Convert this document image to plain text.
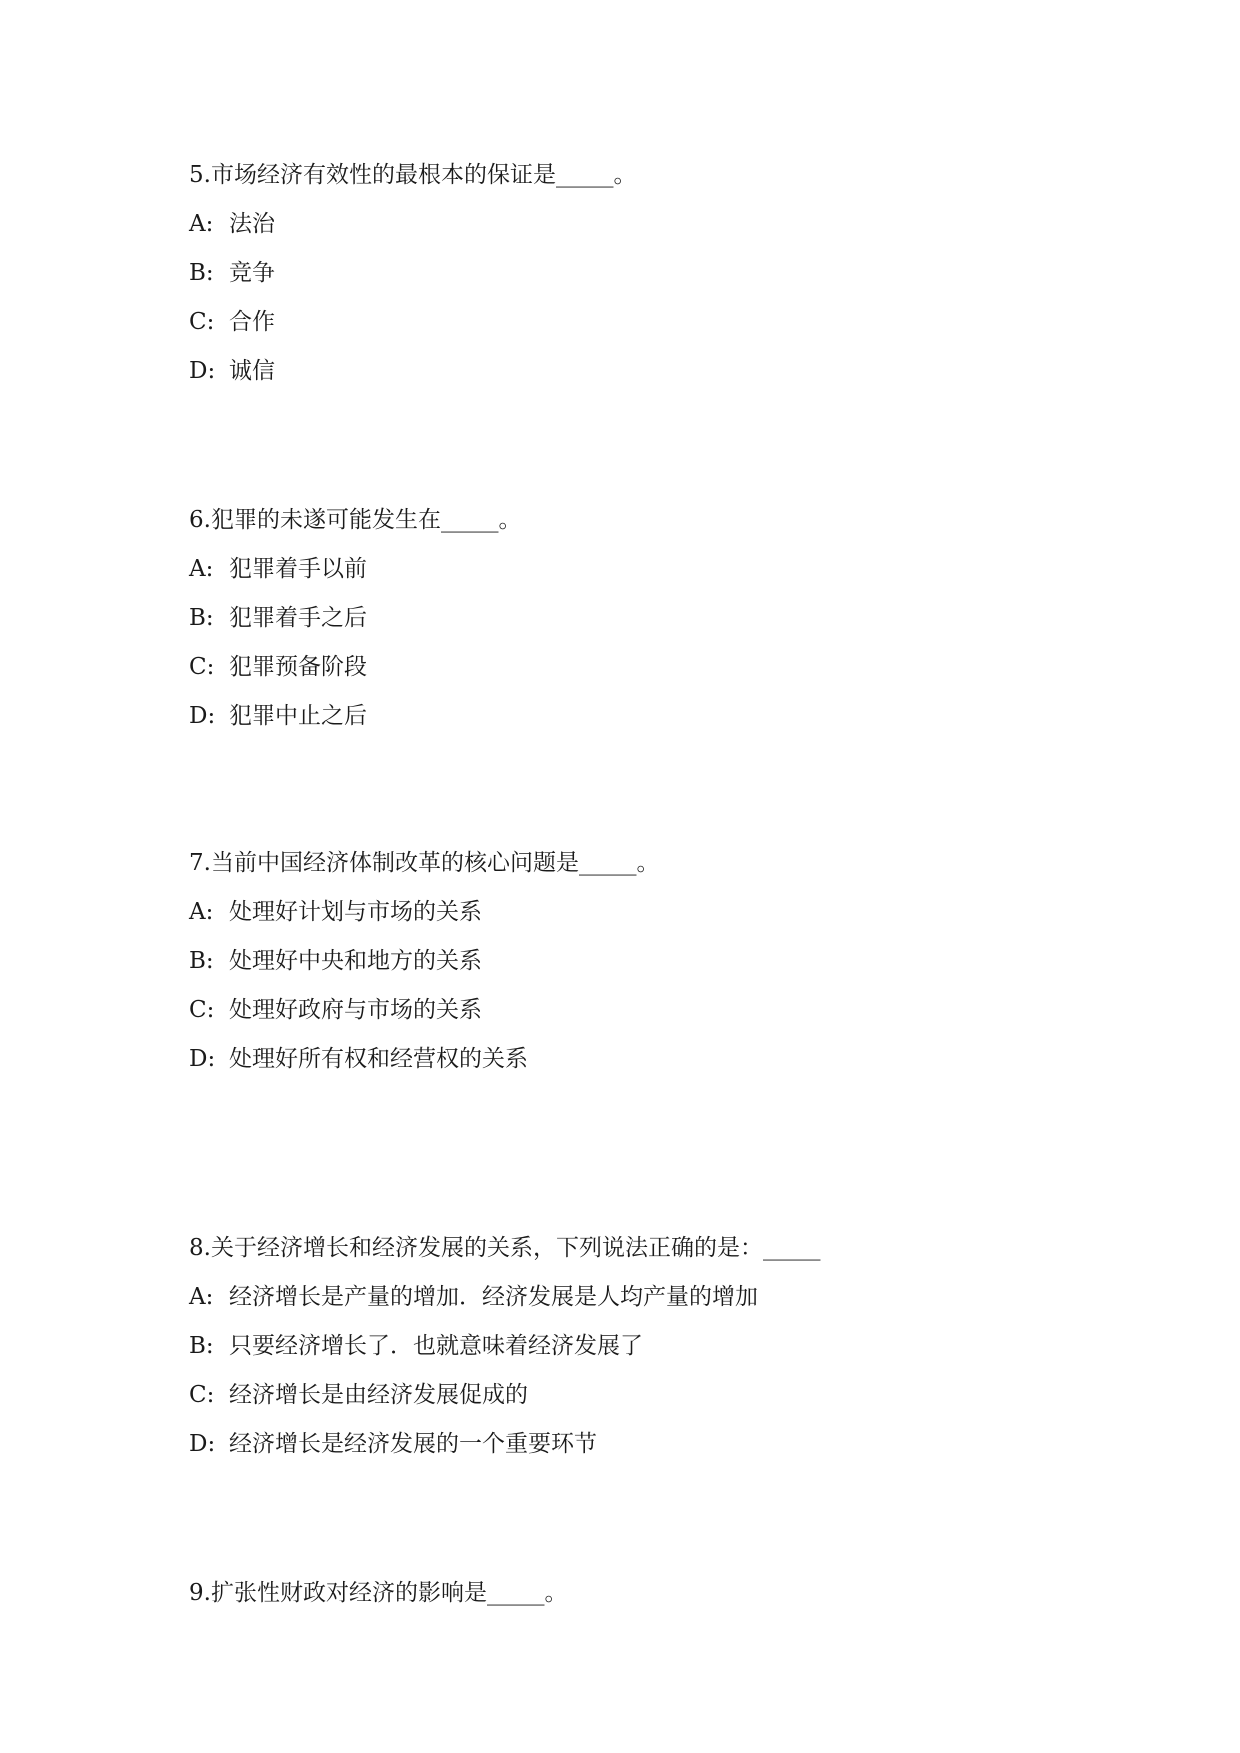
5.市场经济有效性的最根本的保证是_____。
A: 法治
B: 竞争
C: 合作
D: 诚信
6.犯罪的未遂可能发生在_____。
A: 犯罪着手以前
B: 犯罪着手之后
C: 犯罪预备阶段
D: 犯罪中止之后
7.当前中国经济体制改革的核心问题是_____。
A: 处理好计划与市场的关系
B: 处理好中央和地方的关系
C: 处理好政府与市场的关系
D: 处理好所有权和经营权的关系
8.关于经济增长和经济发展的关系，下列说法正确的是：_____
A: 经济增长是产量的增加．经济发展是人均产量的增加
B: 只要经济增长了．也就意味着经济发展了
C: 经济增长是由经济发展促成的
D: 经济增长是经济发展的一个重要环节
9.扩张性财政对经济的影响是_____。
